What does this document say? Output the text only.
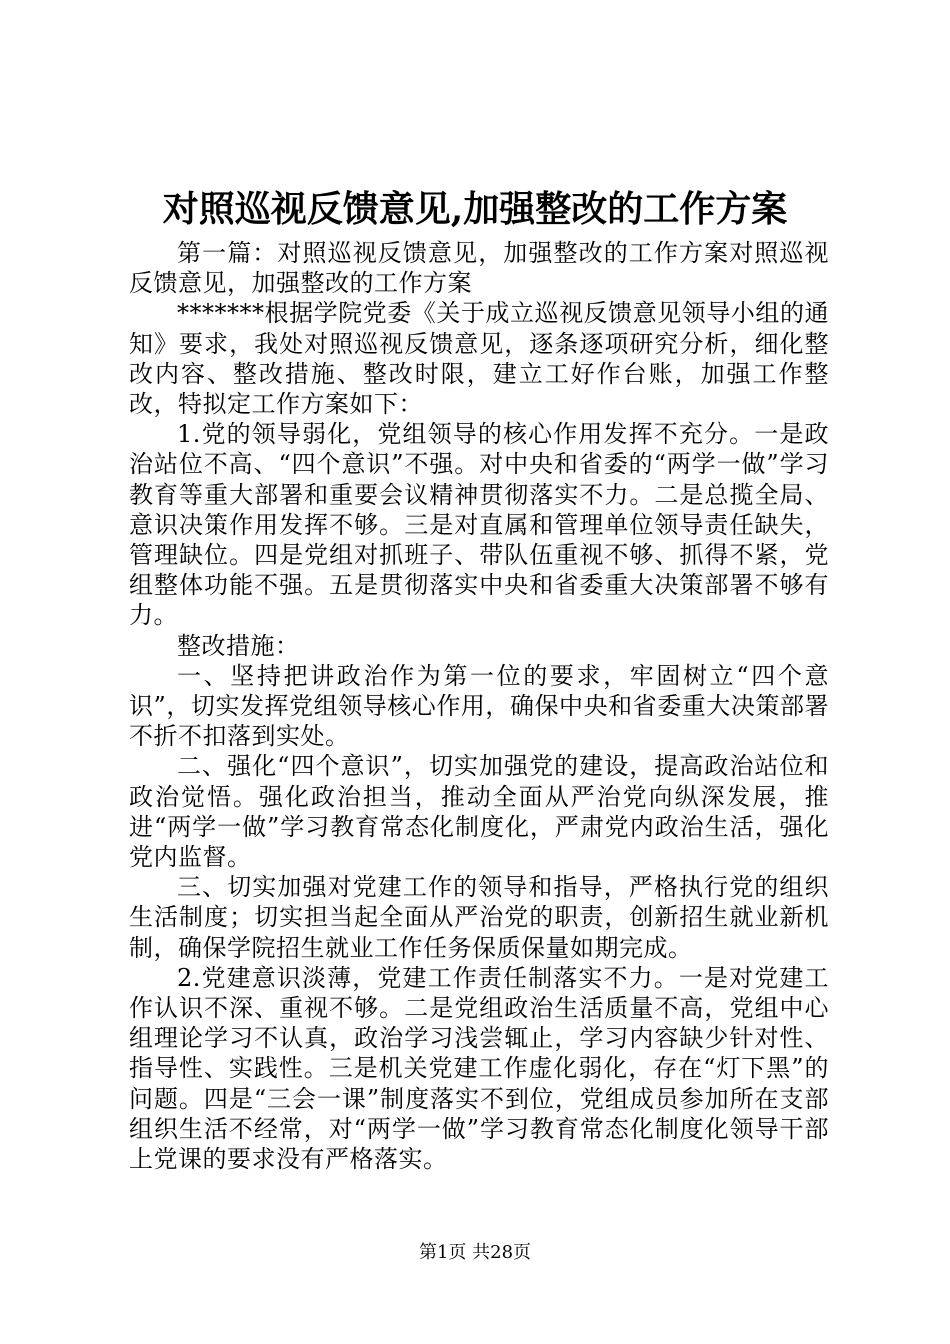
对照巡视反馈意见,加强整改的工作方案

第一篇：对照巡视反馈意见，加强整改的工作方案对照巡视反馈意见，加强整改的工作方案

*******根据学院党委《关于成立巡视反馈意见领导小组的通知》要求，我处对照巡视反馈意见，逐条逐项研究分析，细化整改内容、整改措施、整改时限，建立工好作台账，加强工作整改，特拟定工作方案如下：

1.党的领导弱化，党组领导的核心作用发挥不充分。一是政治站位不高、“四个意识”不强。对中央和省委的“两学一做”学习教育等重大部署和重要会议精神贯彻落实不力。二是总揽全局、意识决策作用发挥不够。三是对直属和管理单位领导责任缺失，管理缺位。四是党组对抓班子、带队伍重视不够、抓得不紧，党组整体功能不强。五是贯彻落实中央和省委重大决策部署不够有力。

整改措施：

一、坚持把讲政治作为第一位的要求，牢固树立“四个意识”，切实发挥党组领导核心作用，确保中央和省委重大决策部署不折不扣落到实处。

二、强化“四个意识”，切实加强党的建设，提高政治站位和政治觉悟。强化政治担当，推动全面从严治党向纵深发展，推进“两学一做”学习教育常态化制度化，严肃党内政治生活，强化党内监督。

三、切实加强对党建工作的领导和指导，严格执行党的组织生活制度；切实担当起全面从严治党的职责，创新招生就业新机制，确保学院招生就业工作任务保质保量如期完成。

2.党建意识淡薄，党建工作责任制落实不力。一是对党建工作认识不深、重视不够。二是党组政治生活质量不高，党组中心组理论学习不认真，政治学习浅尝辄止，学习内容缺少针对性、指导性、实践性。三是机关党建工作虚化弱化，存在“灯下黑”的问题。四是“三会一课”制度落实不到位，党组成员参加所在支部组织生活不经常，对“两学一做”学习教育常态化制度化领导干部上党课的要求没有严格落实。

第1页 共28页
